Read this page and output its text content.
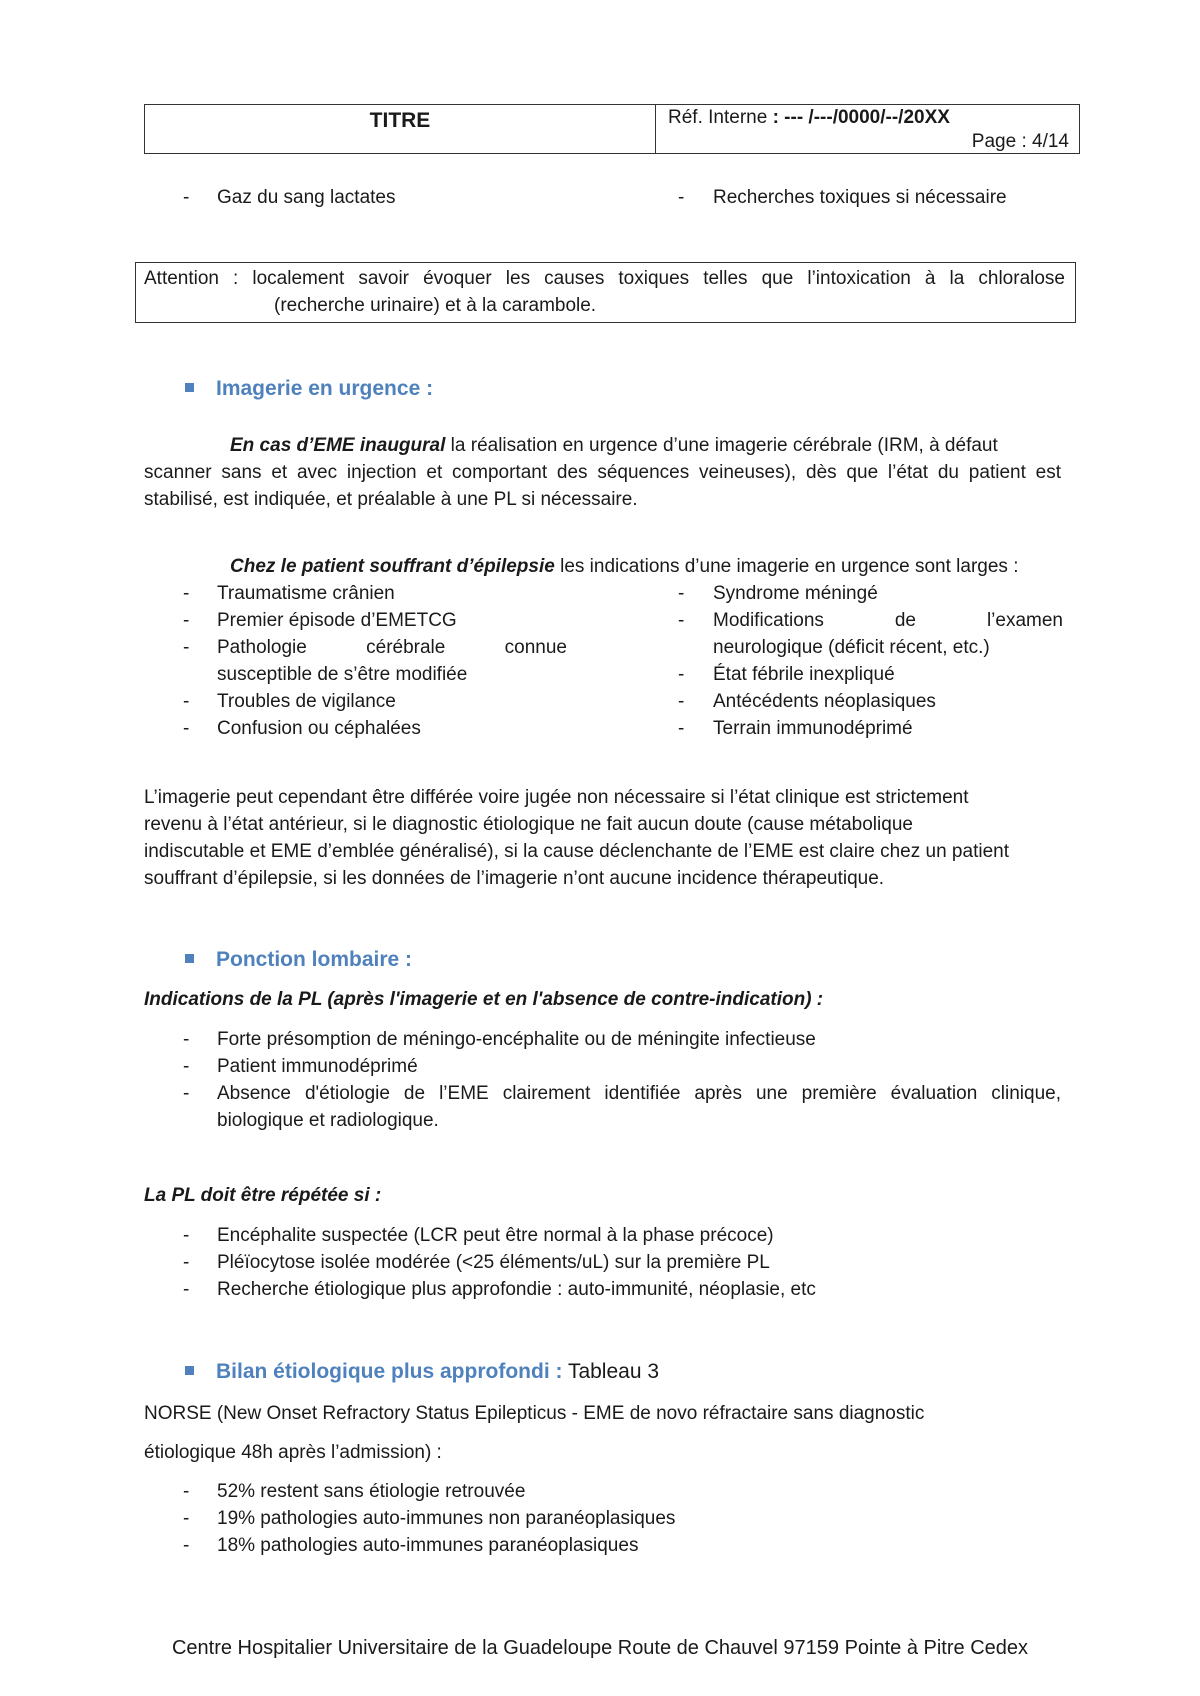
TITRE	Réf. Interne : --- /---/0000/--/20XX
Page : 4/14
- Gaz du sang lactates	- Recherches toxiques si nécessaire
Attention : localement savoir évoquer les causes toxiques telles que l’intoxication à la chloralose
(recherche urinaire) et à la carambole.
Imagerie en urgence :
En cas d’EME inaugural la réalisation en urgence d’une imagerie cérébrale (IRM, à défaut
scanner sans et avec injection et comportant des séquences veineuses), dès que l’état du patient est
stabilisé, est indiquée, et préalable à une PL si nécessaire.
Chez le patient souffrant d’épilepsie les indications d’une imagerie en urgence sont larges :
- Traumatisme crânien
- Premier épisode d’EMETCG
- Pathologie cérébrale connue
susceptible de s’être modifiée
- Troubles de vigilance
- Confusion ou céphalées
- Syndrome méningé
- Modifications de l’examen
neurologique (déficit récent, etc.)
- État fébrile inexpliqué
- Antécédents néoplasiques
- Terrain immunodéprimé
L’imagerie peut cependant être différée voire jugée non nécessaire si l’état clinique est strictement
revenu à l’état antérieur, si le diagnostic étiologique ne fait aucun doute (cause métabolique
indiscutable et EME d’emblée généralisé), si la cause déclenchante de l’EME est claire chez un patient
souffrant d’épilepsie, si les données de l’imagerie n’ont aucune incidence thérapeutique.
Ponction lombaire :
Indications de la PL (après l'imagerie et en l'absence de contre-indication) :
- Forte présomption de méningo-encéphalite ou de méningite infectieuse
- Patient immunodéprimé
- Absence d'étiologie de l’EME clairement identifiée après une première évaluation clinique,
biologique et radiologique.
La PL doit être répétée si :
- Encéphalite suspectée (LCR peut être normal à la phase précoce)
- Pléïocytose isolée modérée (<25 éléments/uL) sur la première PL
- Recherche étiologique plus approfondie : auto-immunité, néoplasie, etc
Bilan étiologique plus approfondi : Tableau 3
NORSE (New Onset Refractory Status Epilepticus - EME de novo réfractaire sans diagnostic
étiologique 48h après l’admission) :
- 52% restent sans étiologie retrouvée
- 19% pathologies auto-immunes non paranéoplasiques
- 18% pathologies auto-immunes paranéoplasiques
Centre Hospitalier Universitaire de la Guadeloupe Route de Chauvel 97159 Pointe à Pitre Cedex
